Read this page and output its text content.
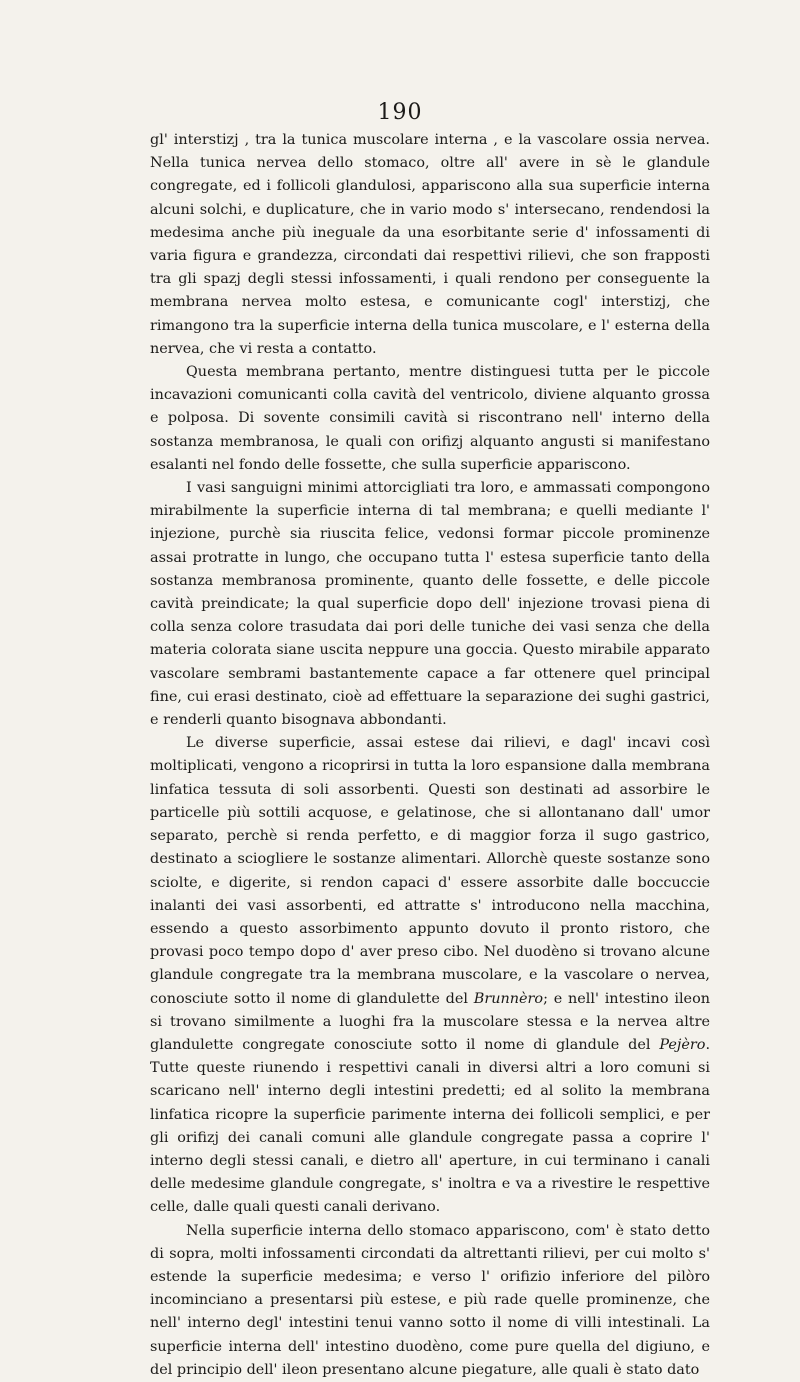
190

gl' interstizj , tra la tunica muscolare interna , e la vascolare ossia nervea. Nella tunica nervea dello stomaco, oltre all' avere in sè le glandule congregate, ed i follicoli glandulosi, appariscono alla sua superficie interna alcuni solchi, e duplicature, che in vario modo s' intersecano, rendendosi la medesima anche più ineguale da una esorbitante serie d' infossamenti di varia figura e grandezza, circondati dai respettivi rilievi, che son frapposti tra gli spazj degli stessi infossamenti, i quali rendono per conseguente la membrana nervea molto estesa, e comunicante cogl' interstizj, che rimangono tra la superficie interna della tunica muscolare, e l' esterna della nervea, che vi resta a contatto.

Questa membrana pertanto, mentre distinguesi tutta per le piccole incavazioni comunicanti colla cavità del ventricolo, diviene alquanto grossa e polposa. Di sovente consimili cavità si riscontrano nell' interno della sostanza membranosa, le quali con orifizj alquanto angusti si manifestano esalanti nel fondo delle fossette, che sulla superficie appariscono.

I vasi sanguigni minimi attorcigliati tra loro, e ammassati compongono mirabilmente la superficie interna di tal membrana; e quelli mediante l' injezione, purchè sia riuscita felice, vedonsi formar piccole prominenze assai protratte in lungo, che occupano tutta l' estesa superficie tanto della sostanza membranosa prominente, quanto delle fossette, e delle piccole cavità preindicate; la qual superficie dopo dell' injezione trovasi piena di colla senza colore trasudata dai pori delle tuniche dei vasi senza che della materia colorata siane uscita neppure una goccia. Questo mirabile apparato vascolare sembrami bastantemente capace a far ottenere quel principal fine, cui erasi destinato, cioè ad effettuare la separazione dei sughi gastrici, e renderli quanto bisognava abbondanti.

Le diverse superficie, assai estese dai rilievi, e dagl' incavi così moltiplicati, vengono a ricoprirsi in tutta la loro espansione dalla membrana linfatica tessuta di soli assorbenti. Questi son destinati ad assorbire le particelle più sottili acquose, e gelatinose, che si allontanano dall' umor separato, perchè si renda perfetto, e di maggior forza il sugo gastrico, destinato a sciogliere le sostanze alimentari. Allorchè queste sostanze sono sciolte, e digerite, si rendon capaci d' essere assorbite dalle boccuccie inalanti dei vasi assorbenti, ed attratte s' introducono nella macchina, essendo a questo assorbimento appunto dovuto il pronto ristoro, che provasi poco tempo dopo d' aver preso cibo. Nel duodèno si trovano alcune glandule congregate tra la membrana muscolare, e la vascolare o nervea, conosciute sotto il nome di glandulette del Brunnèro; e nell' intestino ileon si trovano similmente a luoghi fra la muscolare stessa e la nervea altre glandulette congregate conosciute sotto il nome di glandule del Pejèro. Tutte queste riunendo i respettivi canali in diversi altri a loro comuni si scaricano nell' interno degli intestini predetti; ed al solito la membrana linfatica ricopre la superficie parimente interna dei follicoli semplici, e per gli orifizj dei canali comuni alle glandule congregate passa a coprire l' interno degli stessi canali, e dietro all' aperture, in cui terminano i canali delle medesime glandule congregate, s' inoltra e va a rivestire le respettive celle, dalle quali questi canali derivano.

Nella superficie interna dello stomaco appariscono, com' è stato detto di sopra, molti infossamenti circondati da altrettanti rilievi, per cui molto s' estende la superficie medesima; e verso l' orifizio inferiore del pilòro incominciano a presentarsi più estese, e più rade quelle prominenze, che nell' interno degl' intestini tenui vanno sotto il nome di villi intestinali. La superficie interna dell' intestino duodèno, come pure quella del digiuno, e del principio dell' ileon presentano alcune piegature, alle quali è stato dato
